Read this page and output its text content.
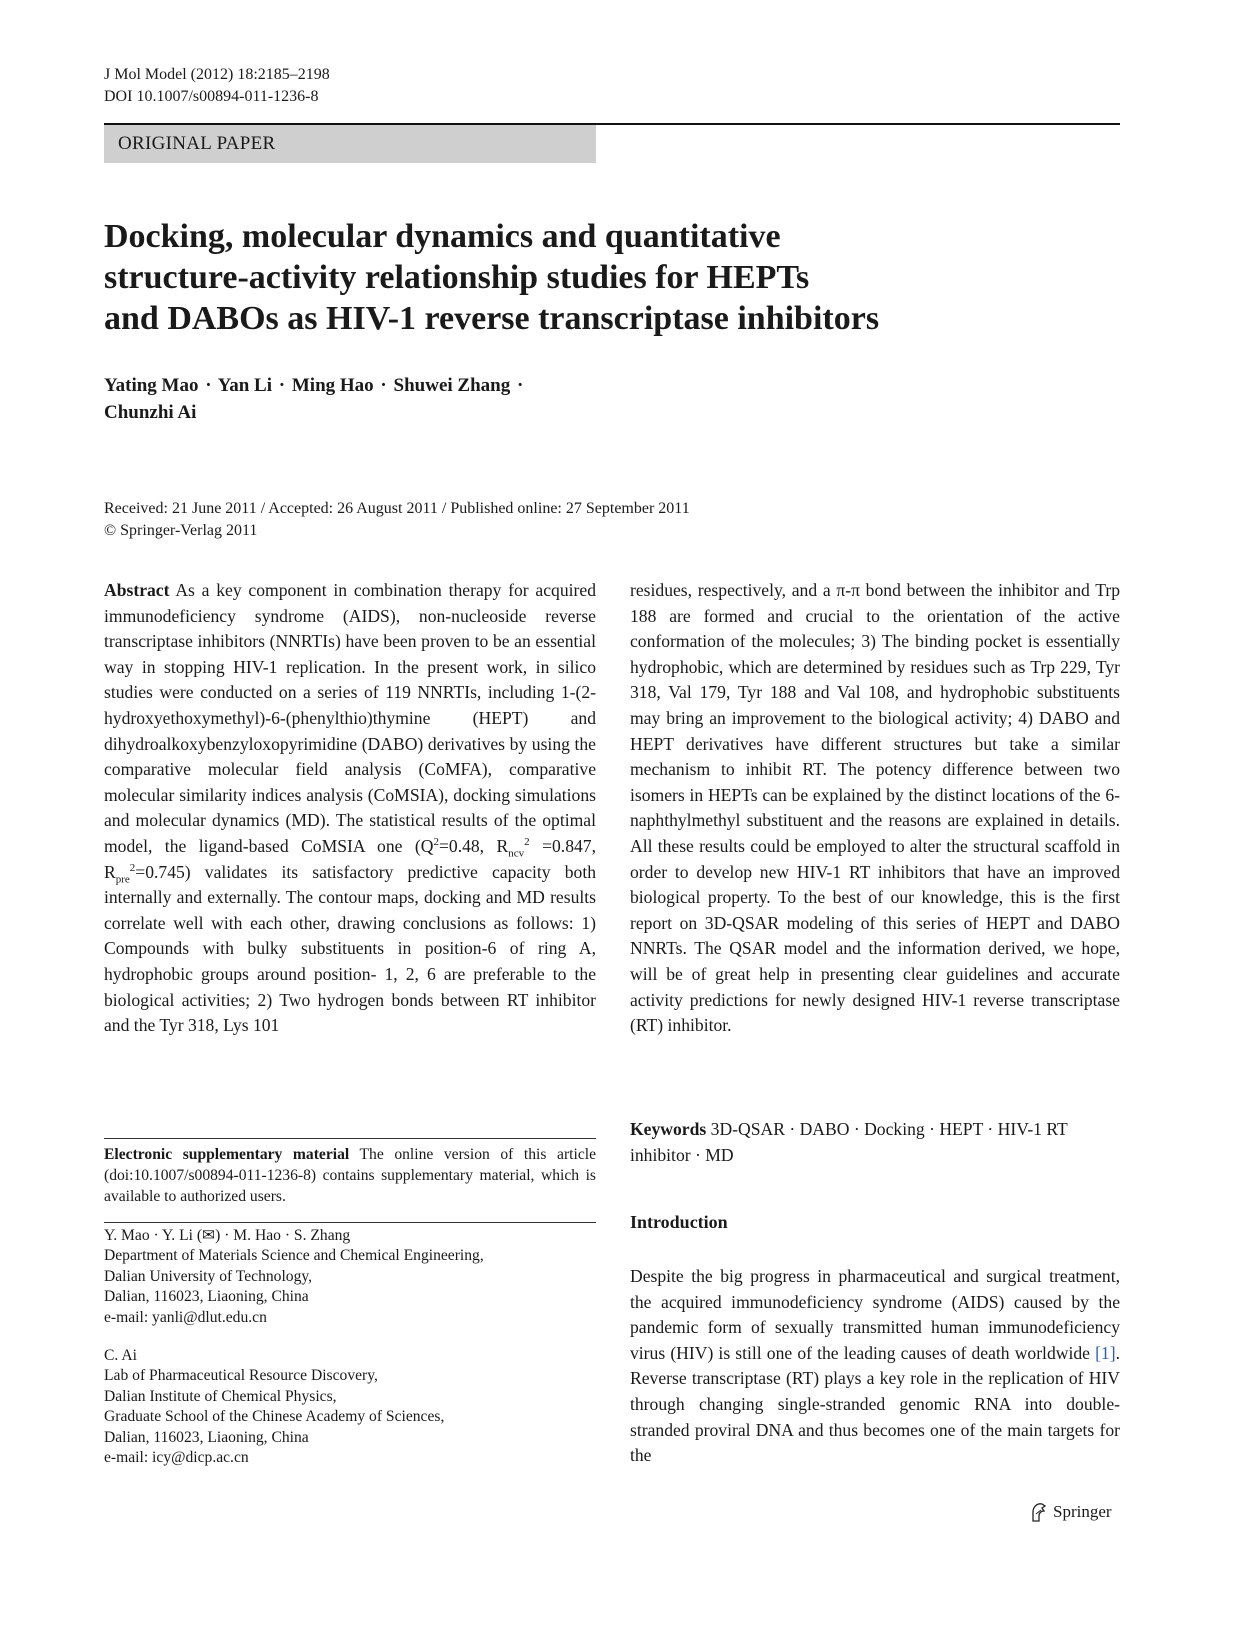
J Mol Model (2012) 18:2185–2198
DOI 10.1007/s00894-011-1236-8
ORIGINAL PAPER
Docking, molecular dynamics and quantitative
structure-activity relationship studies for HEPTs
and DABOs as HIV-1 reverse transcriptase inhibitors
Yating Mao · Yan Li · Ming Hao · Shuwei Zhang ·
Chunzhi Ai
Received: 21 June 2011 / Accepted: 26 August 2011 / Published online: 27 September 2011
© Springer-Verlag 2011

Abstract As a key component in combination therapy for acquired immunodeficiency syndrome (AIDS), non-nucleoside reverse transcriptase inhibitors (NNRTIs) have been proven to be an essential way in stopping HIV-1 replication. In the present work, in silico studies were conducted on a series of 119 NNRTIs, including 1-(2-hydroxyethoxymethyl)-6-(phenylthio)thymine (HEPT) and dihydroalkoxybenzyloxopyrimidine (DABO) derivatives by using the comparative molecular field analysis (CoMFA), comparative molecular similarity indices analysis (CoMSIA), docking simulations and molecular dynamics (MD). The statistical results of the optimal model, the ligand-based CoMSIA one ($Q^2=0.48$, $R_{ncv}^2 =0.847$, $R_{pre}^2=0.745$) validates its satisfactory predictive capacity both internally and externally. The contour maps, docking and MD results correlate well with each other, drawing conclusions as follows: 1) Compounds with bulky substituents in position-6 of ring A, hydrophobic groups around position- 1, 2, 6 are preferable to the biological activities; 2) Two hydrogen bonds between RT inhibitor and the Tyr 318, Lys 101

Electronic supplementary material The online version of this article (doi:10.1007/s00894-011-1236-8) contains supplementary material, which is available to authorized users.
Y. Mao · Y. Li (✉) · M. Hao · S. Zhang
Department of Materials Science and Chemical Engineering,
Dalian University of Technology,
Dalian, 116023, Liaoning, China
e-mail: yanli@dlut.edu.cn
C. Ai
Lab of Pharmaceutical Resource Discovery,
Dalian Institute of Chemical Physics,
Graduate School of the Chinese Academy of Sciences,
Dalian, 116023, Liaoning, China
e-mail: icy@dicp.ac.cn

residues, respectively, and a π-π bond between the inhibitor and Trp 188 are formed and crucial to the orientation of the active conformation of the molecules; 3) The binding pocket is essentially hydrophobic, which are determined by residues such as Trp 229, Tyr 318, Val 179, Tyr 188 and Val 108, and hydrophobic substituents may bring an improvement to the biological activity; 4) DABO and HEPT derivatives have different structures but take a similar mechanism to inhibit RT. The potency difference between two isomers in HEPTs can be explained by the distinct locations of the 6-naphthylmethyl substituent and the reasons are explained in details. All these results could be employed to alter the structural scaffold in order to develop new HIV-1 RT inhibitors that have an improved biological property. To the best of our knowledge, this is the first report on 3D-QSAR modeling of this series of HEPT and DABO NNRTs. The QSAR model and the information derived, we hope, will be of great help in presenting clear guidelines and accurate activity predictions for newly designed HIV-1 reverse transcriptase (RT) inhibitor.

Keywords 3D-QSAR · DABO · Docking · HEPT · HIV-1 RT inhibitor · MD
Introduction

Despite the big progress in pharmaceutical and surgical treatment, the acquired immunodeficiency syndrome (AIDS) caused by the pandemic form of sexually transmitted human immunodeficiency virus (HIV) is still one of the leading causes of death worldwide [1]. Reverse transcriptase (RT) plays a key role in the replication of HIV through changing single-stranded genomic RNA into double-stranded proviral DNA and thus becomes one of the main targets for the

Springer
